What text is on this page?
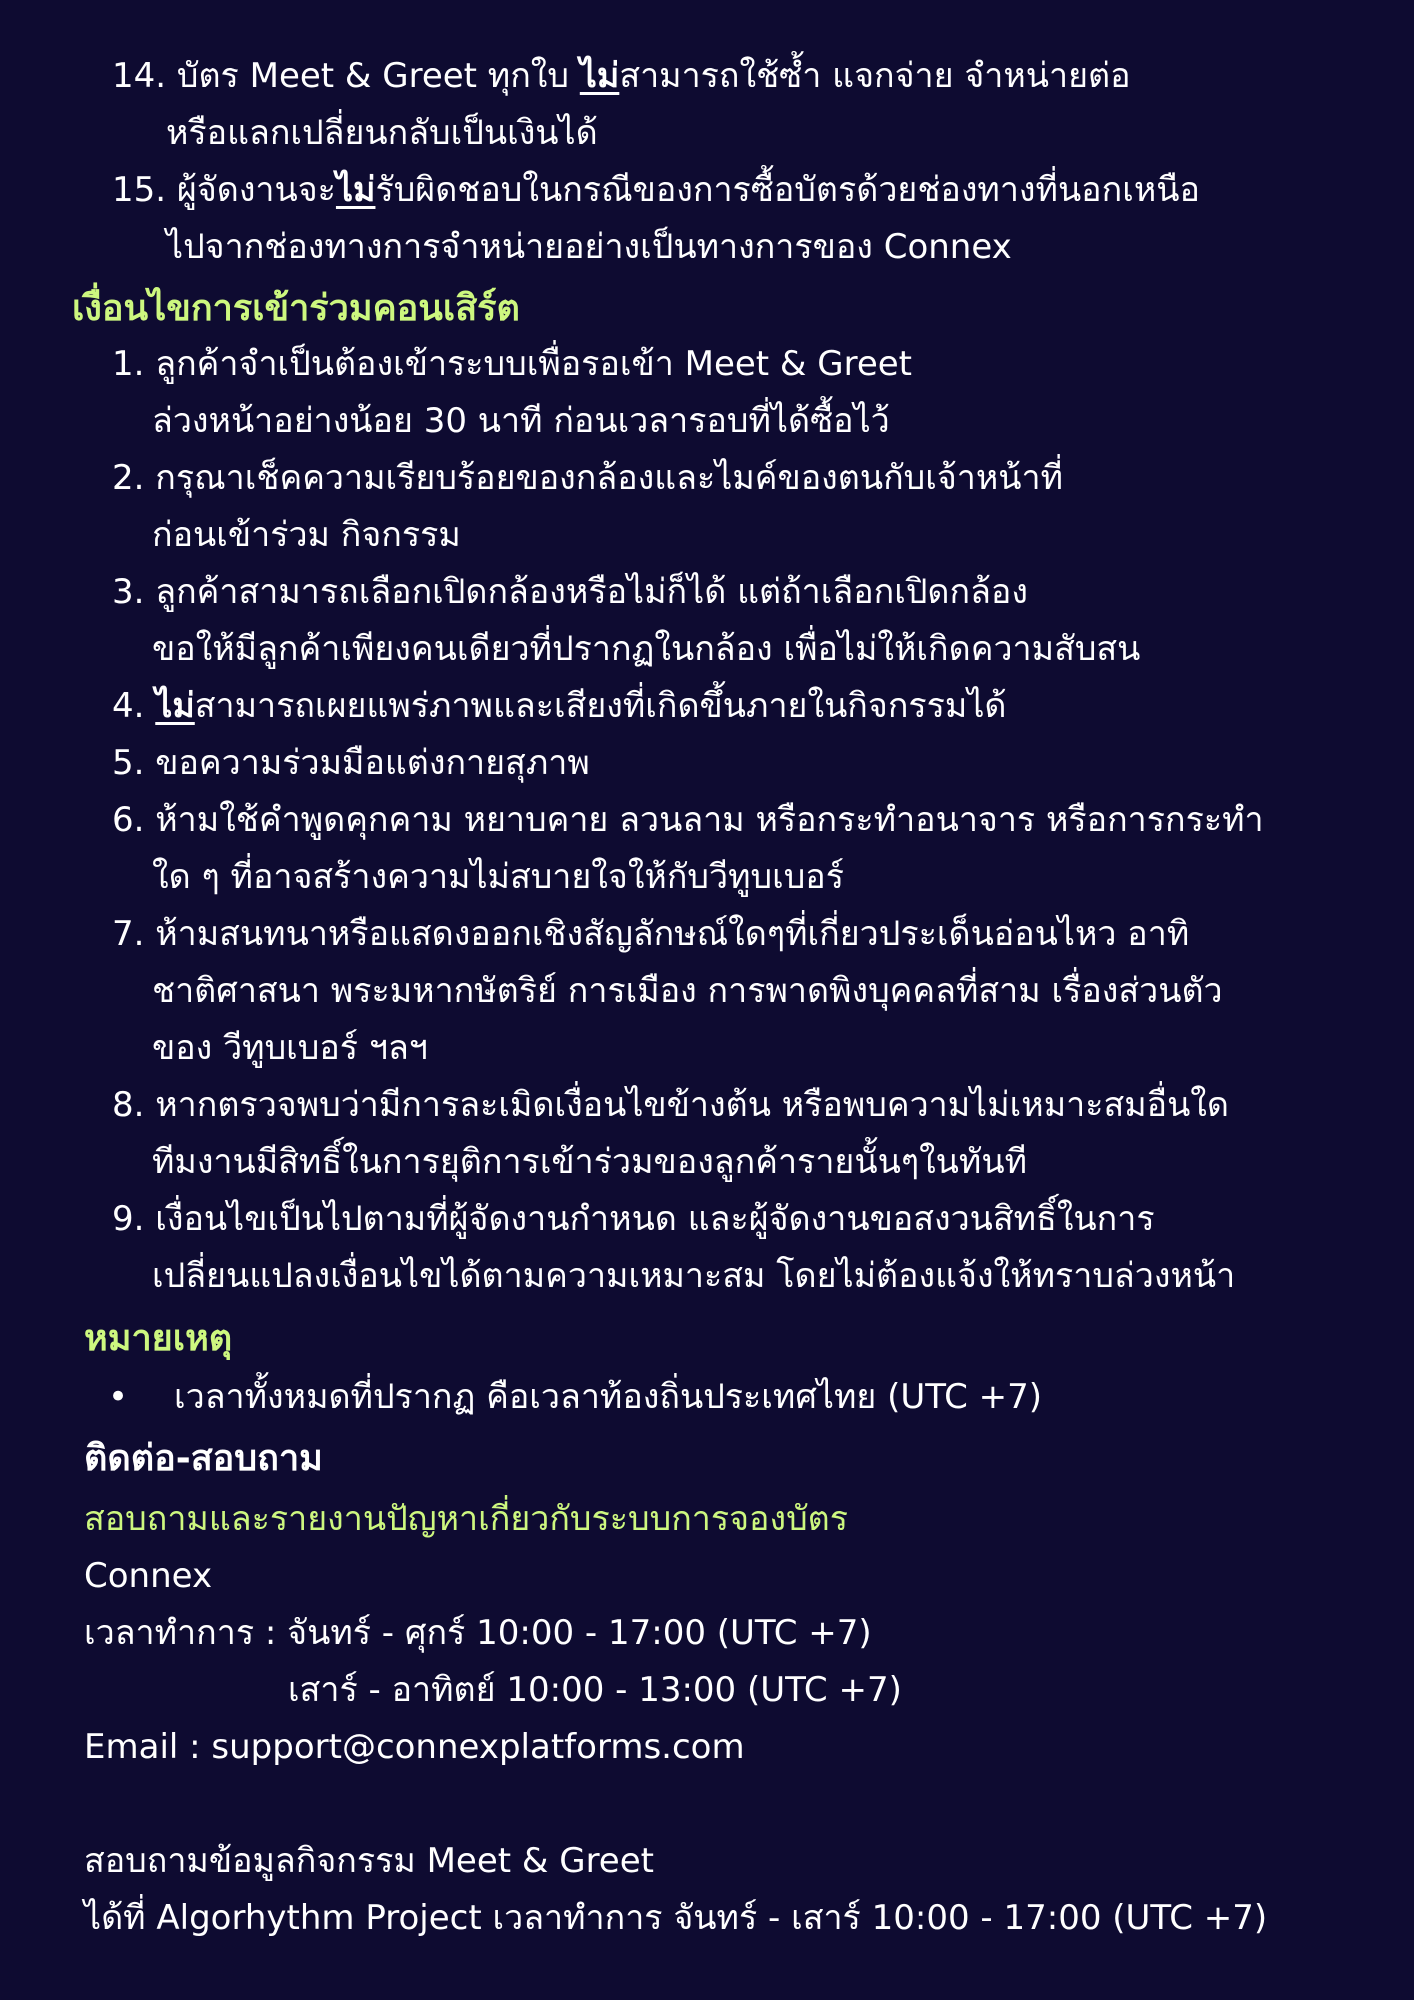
14. บัตร Meet & Greet ทุกใบ ไม่สามารถใช้ซ้ำ แจกจ่าย จำหน่ายต่อ
หรือแลกเปลี่ยนกลับเป็นเงินได้
15. ผู้จัดงานจะไม่รับผิดชอบในกรณีของการซื้อบัตรด้วยช่องทางที่นอกเหนือ
ไปจากช่องทางการจำหน่ายอย่างเป็นทางการของ Connex
เงื่อนไขการเข้าร่วมคอนเสิร์ต
1. ลูกค้าจำเป็นต้องเข้าระบบเพื่อรอเข้า Meet & Greet
ล่วงหน้าอย่างน้อย 30 นาที ก่อนเวลารอบที่ได้ซื้อไว้
2. กรุณาเช็คความเรียบร้อยของกล้องและไมค์ของตนกับเจ้าหน้าที่
ก่อนเข้าร่วม กิจกรรม
3. ลูกค้าสามารถเลือกเปิดกล้องหรือไม่ก็ได้ แต่ถ้าเลือกเปิดกล้อง
ขอให้มีลูกค้าเพียงคนเดียวที่ปรากฏในกล้อง เพื่อไม่ให้เกิดความสับสน
4. ไม่สามารถเผยแพร่ภาพและเสียงที่เกิดขึ้นภายในกิจกรรมได้
5. ขอความร่วมมือแต่งกายสุภาพ
6. ห้ามใช้คำพูดคุกคาม หยาบคาย ลวนลาม หรือกระทำอนาจาร หรือการกระทำ
ใด ๆ ที่อาจสร้างความไม่สบายใจให้กับวีทูบเบอร์
7. ห้ามสนทนาหรือแสดงออกเชิงสัญลักษณ์ใดๆที่เกี่ยวประเด็นอ่อนไหว อาทิ
ชาติศาสนา พระมหากษัตริย์ การเมือง การพาดพิงบุคคลที่สาม เรื่องส่วนตัว
ของ วีทูบเบอร์ ฯลฯ
8. หากตรวจพบว่ามีการละเมิดเงื่อนไขข้างต้น หรือพบความไม่เหมาะสมอื่นใด
ทีมงานมีสิทธิ์ในการยุติการเข้าร่วมของลูกค้ารายนั้นๆในทันที
9. เงื่อนไขเป็นไปตามที่ผู้จัดงานกำหนด และผู้จัดงานขอสงวนสิทธิ์ในการ
เปลี่ยนแปลงเงื่อนไขได้ตามความเหมาะสม โดยไม่ต้องแจ้งให้ทราบล่วงหน้า
หมายเหตุ
• เวลาทั้งหมดที่ปรากฏ คือเวลาท้องถิ่นประเทศไทย (UTC +7)
ติดต่อ-สอบถาม
สอบถามและรายงานปัญหาเกี่ยวกับระบบการจองบัตร
Connex
เวลาทำการ : จันทร์ - ศุกร์ 10:00 - 17:00 (UTC +7)
เสาร์ - อาทิตย์ 10:00 - 13:00 (UTC +7)
Email : support@connexplatforms.com
สอบถามข้อมูลกิจกรรม Meet & Greet
ได้ที่ Algorhythm Project เวลาทำการ จันทร์ - เสาร์ 10:00 - 17:00 (UTC +7)
